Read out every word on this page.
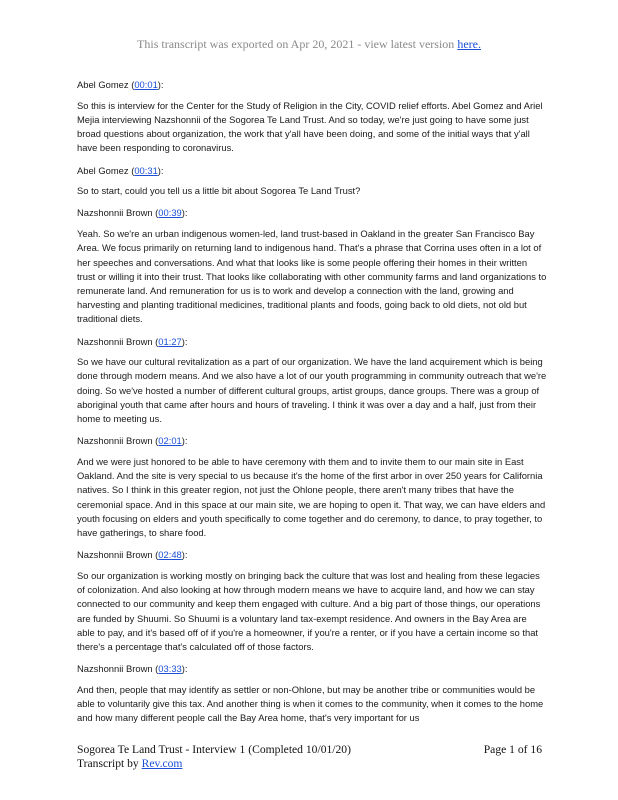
This transcript was exported on Apr 20, 2021 - view latest version here.

Abel Gomez (00:01):

So this is interview for the Center for the Study of Religion in the City, COVID relief efforts. Abel Gomez and Ariel Mejia interviewing Nazshonnii of the Sogorea Te Land Trust. And so today, we're just going to have some just broad questions about organization, the work that y'all have been doing, and some of the initial ways that y'all have been responding to coronavirus.

Abel Gomez (00:31):

So to start, could you tell us a little bit about Sogorea Te Land Trust?

Nazshonnii Brown (00:39):

Yeah. So we're an urban indigenous women-led, land trust-based in Oakland in the greater San Francisco Bay Area. We focus primarily on returning land to indigenous hand. That's a phrase that Corrina uses often in a lot of her speeches and conversations. And what that looks like is some people offering their homes in their written trust or willing it into their trust. That looks like collaborating with other community farms and land organizations to remunerate land. And remuneration for us is to work and develop a connection with the land, growing and harvesting and planting traditional medicines, traditional plants and foods, going back to old diets, not old but traditional diets.

Nazshonnii Brown (01:27):

So we have our cultural revitalization as a part of our organization. We have the land acquirement which is being done through modern means. And we also have a lot of our youth programming in community outreach that we're doing. So we've hosted a number of different cultural groups, artist groups, dance groups. There was a group of aboriginal youth that came after hours and hours of traveling. I think it was over a day and a half, just from their home to meeting us.

Nazshonnii Brown (02:01):

And we were just honored to be able to have ceremony with them and to invite them to our main site in East Oakland. And the site is very special to us because it's the home of the first arbor in over 250 years for California natives. So I think in this greater region, not just the Ohlone people, there aren't many tribes that have the ceremonial space. And in this space at our main site, we are hoping to open it. That way, we can have elders and youth focusing on elders and youth specifically to come together and do ceremony, to dance, to pray together, to have gatherings, to share food.

Nazshonnii Brown (02:48):

So our organization is working mostly on bringing back the culture that was lost and healing from these legacies of colonization. And also looking at how through modern means we have to acquire land, and how we can stay connected to our community and keep them engaged with culture. And a big part of those things, our operations are funded by Shuumi. So Shuumi is a voluntary land tax-exempt residence. And owners in the Bay Area are able to pay, and it's based off of if you're a homeowner, if you're a renter, or if you have a certain income so that there's a percentage that's calculated off of those factors.

Nazshonnii Brown (03:33):

And then, people that may identify as settler or non-Ohlone, but may be another tribe or communities would be able to voluntarily give this tax. And another thing is when it comes to the community, when it comes to the home and how many different people call the Bay Area home, that's very important for us

Sogorea Te Land Trust - Interview 1 (Completed 10/01/20)	Page 1 of 16
Transcript by Rev.com
